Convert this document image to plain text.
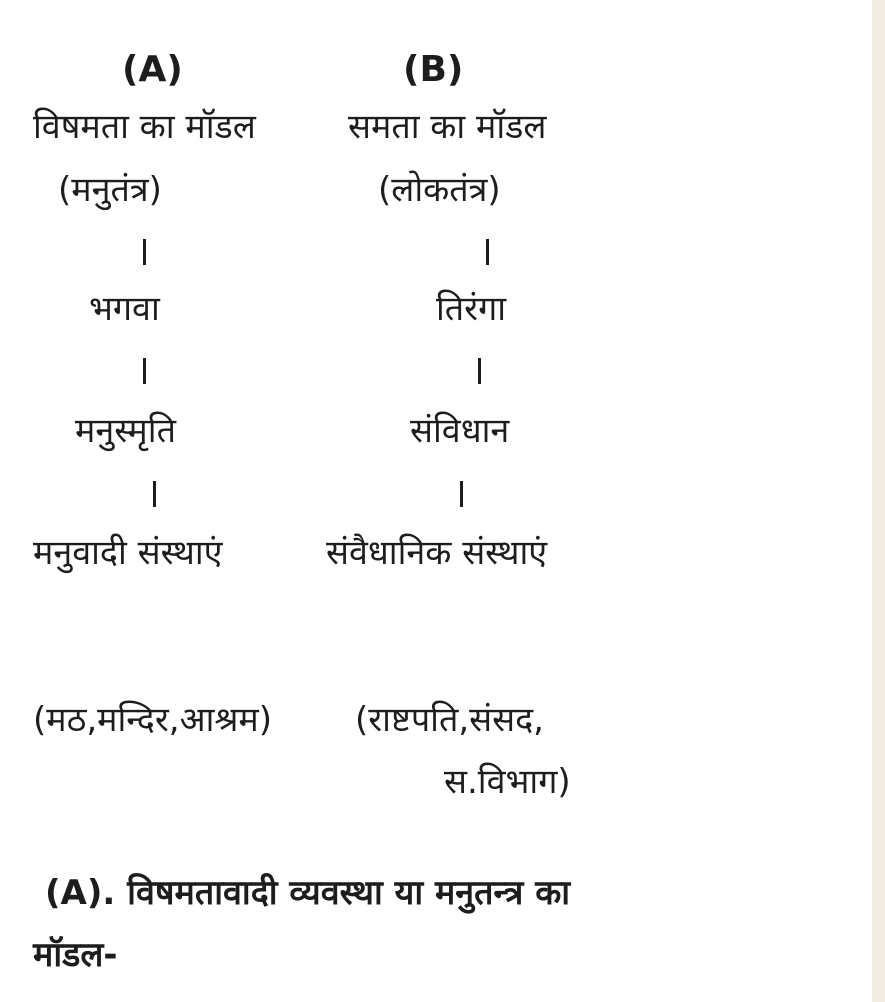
(A)	(B)
विषमता का मॉडल	समता का मॉडल
(मनुतंत्र)	(लोकतंत्र)
भगवा	तिरंगा
मनुस्मृति	संविधान
मनुवादी संस्थाएं	संवैधानिक संस्थाएं
(मठ,मन्दिर,आश्रम) (राष्टपति,संसद,
स.विभाग)
(A). विषमतावादी व्यवस्था या मनुतन्त्र का
मॉडल-
